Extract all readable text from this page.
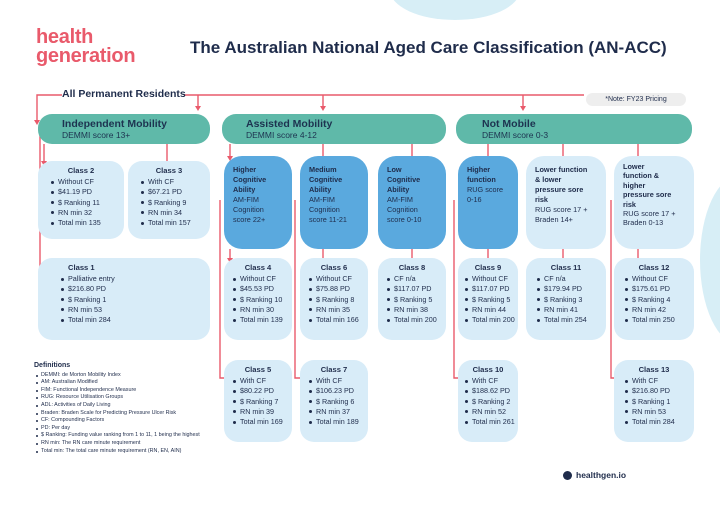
health
generation	The Australian National Aged Care Classification (AN-ACC)
All Permanent Residents	*Note: FY23 Pricing
Independent Mobility
DEMMI score 13+
Assisted Mobility
DEMMI score 4-12
Not Mobile
DEMMI score 0-3
Higher
Cognitive
Ability
AM-FIM
Cognition
score 22+
Medium
Cognitive
Ability
AM-FIM
Cognition
score 11-21
Low
Cognitive
Ability
AM-FIM
Cognition
score 0-10
Higher
function
RUG score
0-16
Lower function
& lower
pressure sore
risk
RUG score 17 +
Braden 14+
Lower
function &
higher
pressure sore
risk
RUG score 17 +
Braden 0-13
Class 2
Without CF
$41.19 PD
$ Ranking 11
RN min 32
Total min 135
Class 3
With CF
$67.21 PD
$ Ranking 9
RN min 34
Total min 157
Class 1
Palliative entry
$216.80 PD
$ Ranking 1
RN min 53
Total min 284
Class 4
Without CF
$45.53 PD
$ Ranking 10
RN min 30
Total min 139
Class 6
Without CF
$75.88 PD
$ Ranking 8
RN min 35
Total min 166
Class 8
CF n/a
$117.07 PD
$ Ranking 5
RN min 38
Total min 200
Class 9
Without CF
$117.07 PD
$ Ranking 5
RN min 44
Total min 200
Class 11
CF n/a
$179.94 PD
$ Ranking 3
RN min 41
Total min 254
Class 12
Without CF
$175.61 PD
$ Ranking 4
RN min 42
Total min 250
Class 5
With CF
$80.22 PD
$ Ranking 7
RN min 39
Total min 169
Class 7
With CF
$106.23 PD
$ Ranking 6
RN min 37
Total min 189
Class 10
With CF
$188.62 PD
$ Ranking 2
RN min 52
Total min 261
Class 13
With CF
$216.80 PD
$ Ranking 1
RN min 53
Total min 284
Definitions
DEMMI: de Morton Mobility Index
AM: Australian Modified
FIM: Functional Independence Measure
RUG: Resource Utilisation Groups
ADL: Activities of Daily Living
Braden: Braden Scale for Predicting Pressure Ulcer Risk
CF: Compounding Factors
PD: Per day
$ Ranking: Funding value ranking from 1 to 11, 1 being the highest
RN min: The RN care minute requirement
Total min: The total care minute requirement (RN, EN, AIN)
healthgen.io
